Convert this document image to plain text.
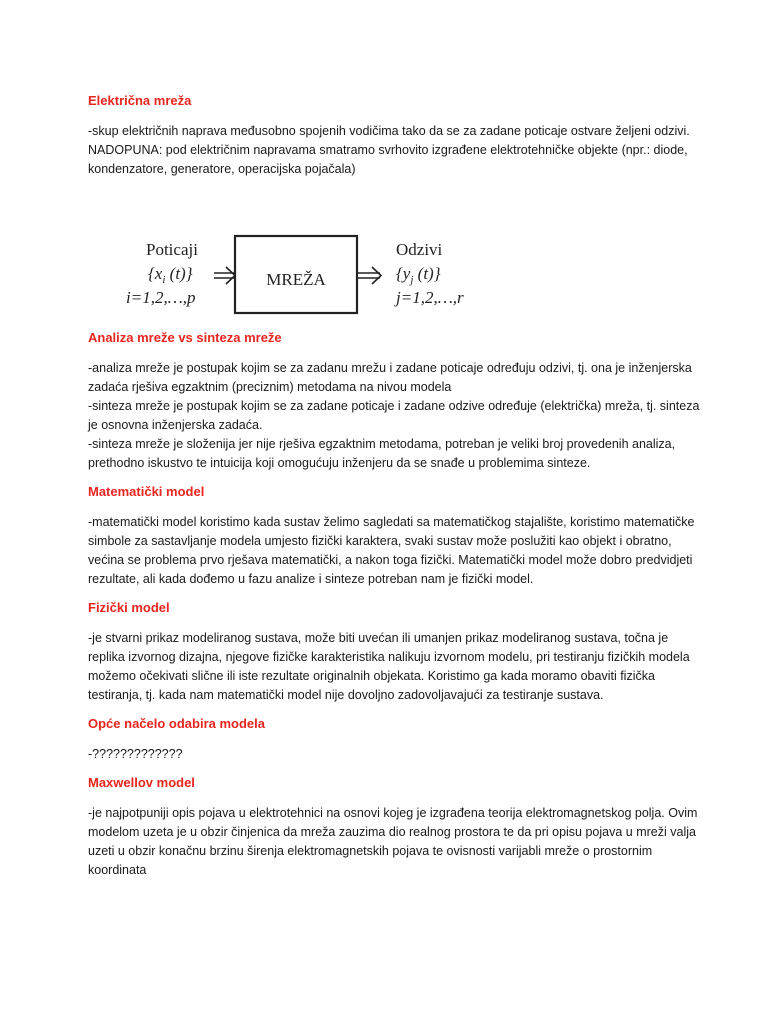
Električna mreža

-skup električnih naprava međusobno spojenih vodičima tako da se za zadane poticaje ostvare željeni odzivi. NADOPUNA: pod električnim napravama smatramo svrhovito izgrađene elektrotehničke objekte (npr.: diode, kondenzatore, generatore, operacijska pojačala)

Poticaji
{$x_i$ (t)}
i=1,2,…,p
MREŽA
Odzivi
{$y_j$ (t)}
j=1,2,…,r
Analiza mreže vs sinteza mreže

-analiza mreže je postupak kojim se za zadanu mrežu i zadane poticaje određuju odzivi, tj. ona je inženjerska zadaća rješiva egzaktnim (preciznim) metodama na nivou modela

-sinteza mreže je postupak kojim se za zadane poticaje i zadane odzive određuje (električka) mreža, tj. sinteza je osnovna inženjerska zadaća.

-sinteza mreže je složenija jer nije rješiva egzaktnim metodama, potreban je veliki broj provedenih analiza, prethodno iskustvo te intuicija koji omogućuju inženjeru da se snađe u problemima sinteze.

Matematički model

-matematički model koristimo kada sustav želimo sagledati sa matematičkog stajalište, koristimo matematičke simbole za sastavljanje modela umjesto fizički karaktera, svaki sustav može poslužiti kao objekt i obratno, većina se problema prvo rješava matematički, a nakon toga fizički. Matematički model može dobro predvidjeti rezultate, ali kada dođemo u fazu analize i sinteze potreban nam je fizički model.

Fizički model

-je stvarni prikaz modeliranog sustava, može biti uvećan ili umanjen prikaz modeliranog sustava, točna je replika izvornog dizajna, njegove fizičke karakteristika nalikuju izvornom modelu, pri testiranju fizičkih modela možemo očekivati slične ili iste rezultate originalnih objekata. Koristimo ga kada moramo obaviti fizička testiranja, tj. kada nam matematički model nije dovoljno zadovoljavajući za testiranje sustava.

Opće načelo odabira modela

-?????????????

Maxwellov model

-je najpotpuniji opis pojava u elektrotehnici na osnovi kojeg je izgrađena teorija elektromagnetskog polja. Ovim modelom uzeta je u obzir činjenica da mreža zauzima dio realnog prostora te da pri opisu pojava u mreži valja uzeti u obzir konačnu brzinu širenja elektromagnetskih pojava te ovisnosti varijabli mreže o prostornim koordinata
